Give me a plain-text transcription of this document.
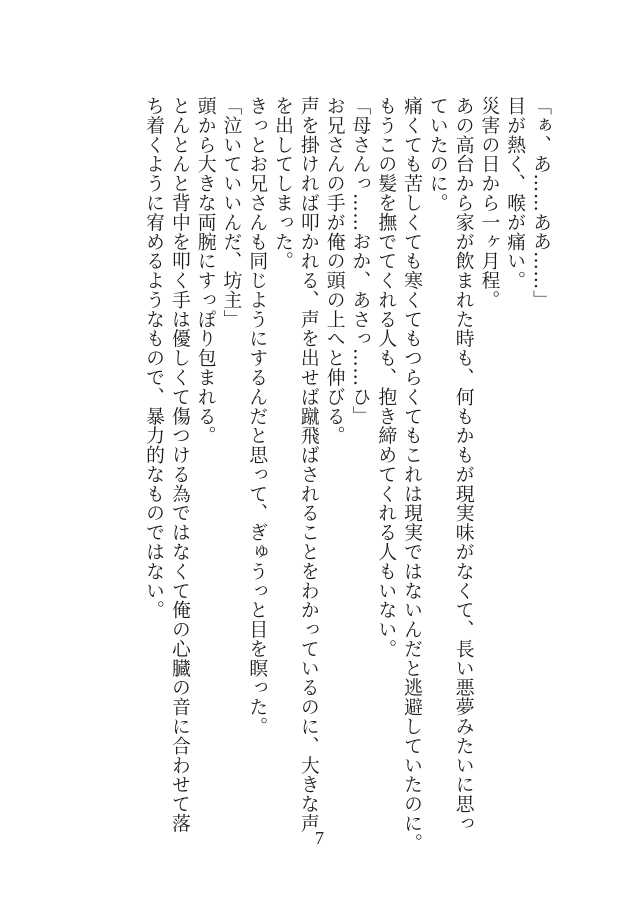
「ぁ、あ……ああ……」
目が熱く、喉が痛い。
災害の日から一ヶ月程。
あの高台から家が飲まれた時も、何もかもが現実味がなくて、長い悪夢みたいに思っ
ていたのに。
痛くても苦しくても寒くてもつらくてもこれは現実ではないんだと逃避していたのに。
もうこの髪を撫でてくれる人も、抱き締めてくれる人もいない。
「母さんっ……おか、あさっ……ひ」
お兄さんの手が俺の頭の上へと伸びる。
声を掛ければ叩かれる、声を出せば蹴飛ばされることをわかっているのに、大きな声
を出してしまった。
きっとお兄さんも同じようにするんだと思って、ぎゅうっと目を瞑った。
「泣いていいんだ、坊主」
頭から大きな両腕にすっぽり包まれる。
とんとんと背中を叩く手は優しくて傷つける為ではなくて俺の心臓の音に合わせて落
ち着くように宥めるようなもので、暴力的なものではない。
7
